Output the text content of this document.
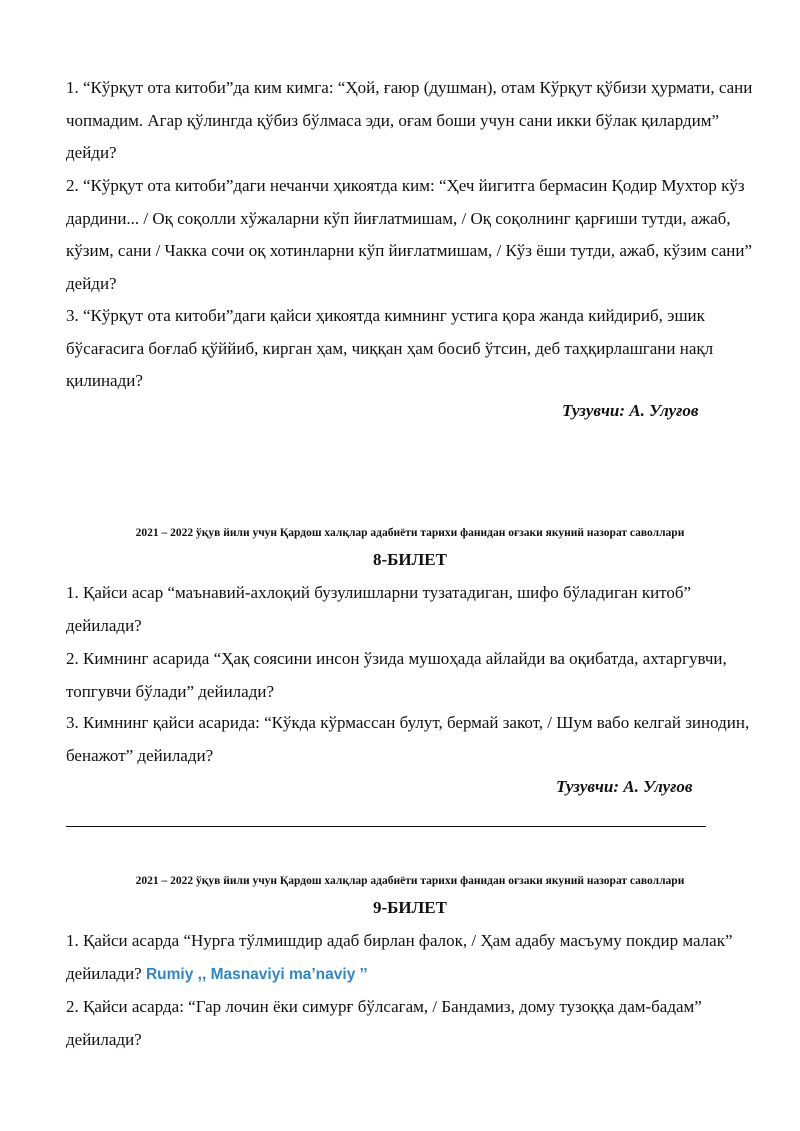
1. “Кўрқут ота китоби”да ким кимга: “Ҳой, ғаюр (душман), отам Кўрқут қўбизи ҳурмати, сани чопмадим. Агар қўлингда қўбиз бўлмаса эди, оғам боши учун сани икки бўлак қилардим” дейди?

2. “Кўрқут ота китоби”даги нечанчи ҳикоятда ким: “Ҳеч йигитга бермасин Қодир Мухтор кўз дардини... / Оқ соқолли хўжаларни кўп йиғлатмишам, / Оқ соқолнинг қарғиши тутди, ажаб, кўзим, сани / Чакка сочи оқ хотинларни кўп йиғлатмишам, / Кўз ёши тутди, ажаб, кўзим сани” дейди?

3. “Кўрқут ота китоби”даги қайси ҳикоятда кимнинг устига қора жанда кийдириб, эшик бўсағасига боғлаб қўййиб, кирган ҳам, чиққан ҳам босиб ўтсин, деб таҳқирлашгани нақл қилинади?

Тузувчи: А. Улуғов
2021 – 2022 ўқув йили учун Қардош халқлар адабиёти тарихи фанидан оғзаки якуний назорат саволлари
8-БИЛЕТ

1. Қайси асар “маънавий-ахлоқий бузулишларни тузатадиган, шифо бўладиган китоб” дейилади?

2. Кимнинг асарида “Ҳақ соясини инсон ўзида мушоҳада айлайди ва оқибатда, ахтаргувчи, топгувчи бўлади” дейилади?

3. Кимнинг қайси асарида: “Кўкда кўрмассан булут, бермай закот, / Шум вабо келгай зинодин, бенажот” дейилади?

Тузувчи: А. Улуғов
2021 – 2022 ўқув йили учун Қардош халқлар адабиёти тарихи фанидан оғзаки якуний назорат саволлари
9-БИЛЕТ

1. Қайси асарда “Нурга тўлмишдир адаб бирлан фалок, / Ҳам адабу масъуму покдир малак” дейилади? Rumiy ,, Masnaviyi ma’naviy ’’

2. Қайси асарда: “Гар лочин ёки симурғ бўлсагам, / Бандамиз, дому тузоққа дам-бадам” дейилади?
